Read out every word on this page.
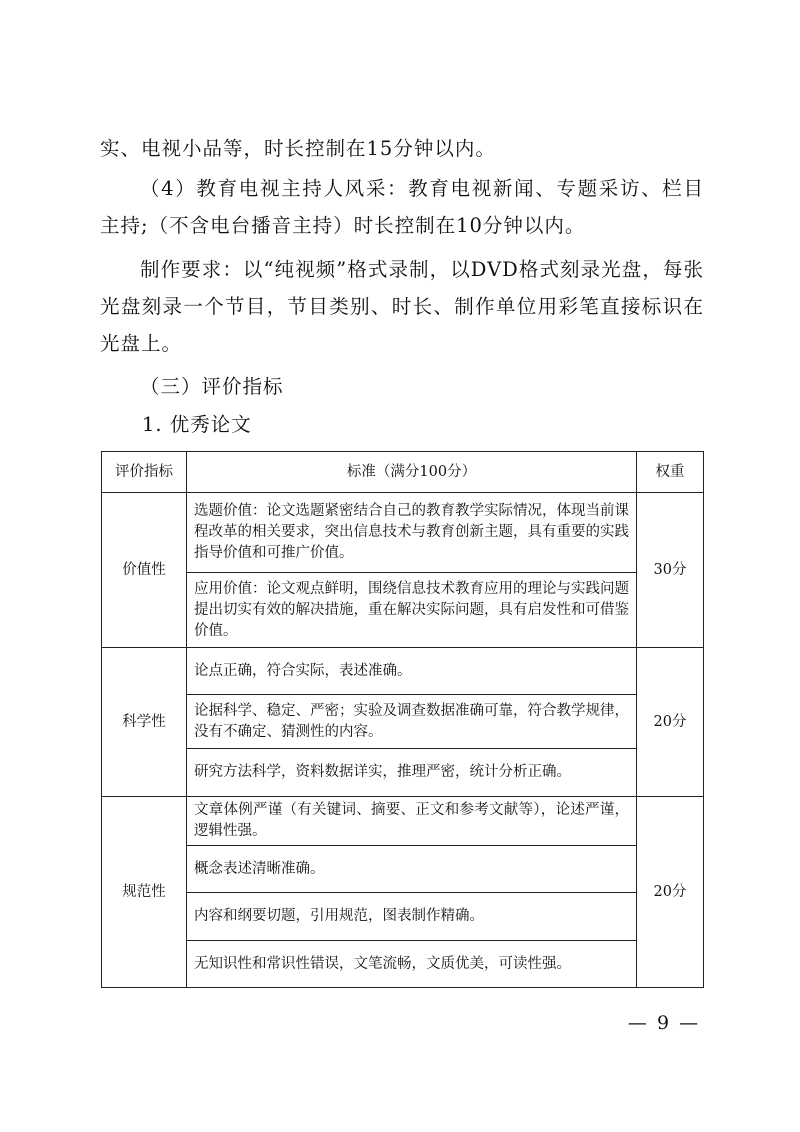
实、电视小品等，时长控制在15分钟以内。

（4）教育电视主持人风采：教育电视新闻、专题采访、栏目主持;（不含电台播音主持）时长控制在10分钟以内。

制作要求：以“纯视频”格式录制，以DVD格式刻录光盘，每张光盘刻录一个节目，节目类别、时长、制作单位用彩笔直接标识在光盘上。

（三）评价指标

1. 优秀论文

评价指标	标准（满分100分）	权重
价值性	选题价值：论文选题紧密结合自己的教育教学实际情况，体现当前课程改革的相关要求，突出信息技术与教育创新主题，具有重要的实践指导价值和可推广价值。	30分
	应用价值：论文观点鲜明，围绕信息技术教育应用的理论与实践问题提出切实有效的解决措施，重在解决实际问题，具有启发性和可借鉴价值。	
科学性	论点正确，符合实际，表述准确。	20分
	论据科学、稳定、严密；实验及调查数据准确可靠，符合教学规律，没有不确定、猜测性的内容。	
	研究方法科学，资料数据详实，推理严密，统计分析正确。	
规范性	文章体例严谨（有关键词、摘要、正文和参考文献等），论述严谨，逻辑性强。	20分
	概念表述清晰准确。	
	内容和纲要切题，引用规范，图表制作精确。	
	无知识性和常识性错误，文笔流畅，文质优美，可读性强。	
— 9 —
